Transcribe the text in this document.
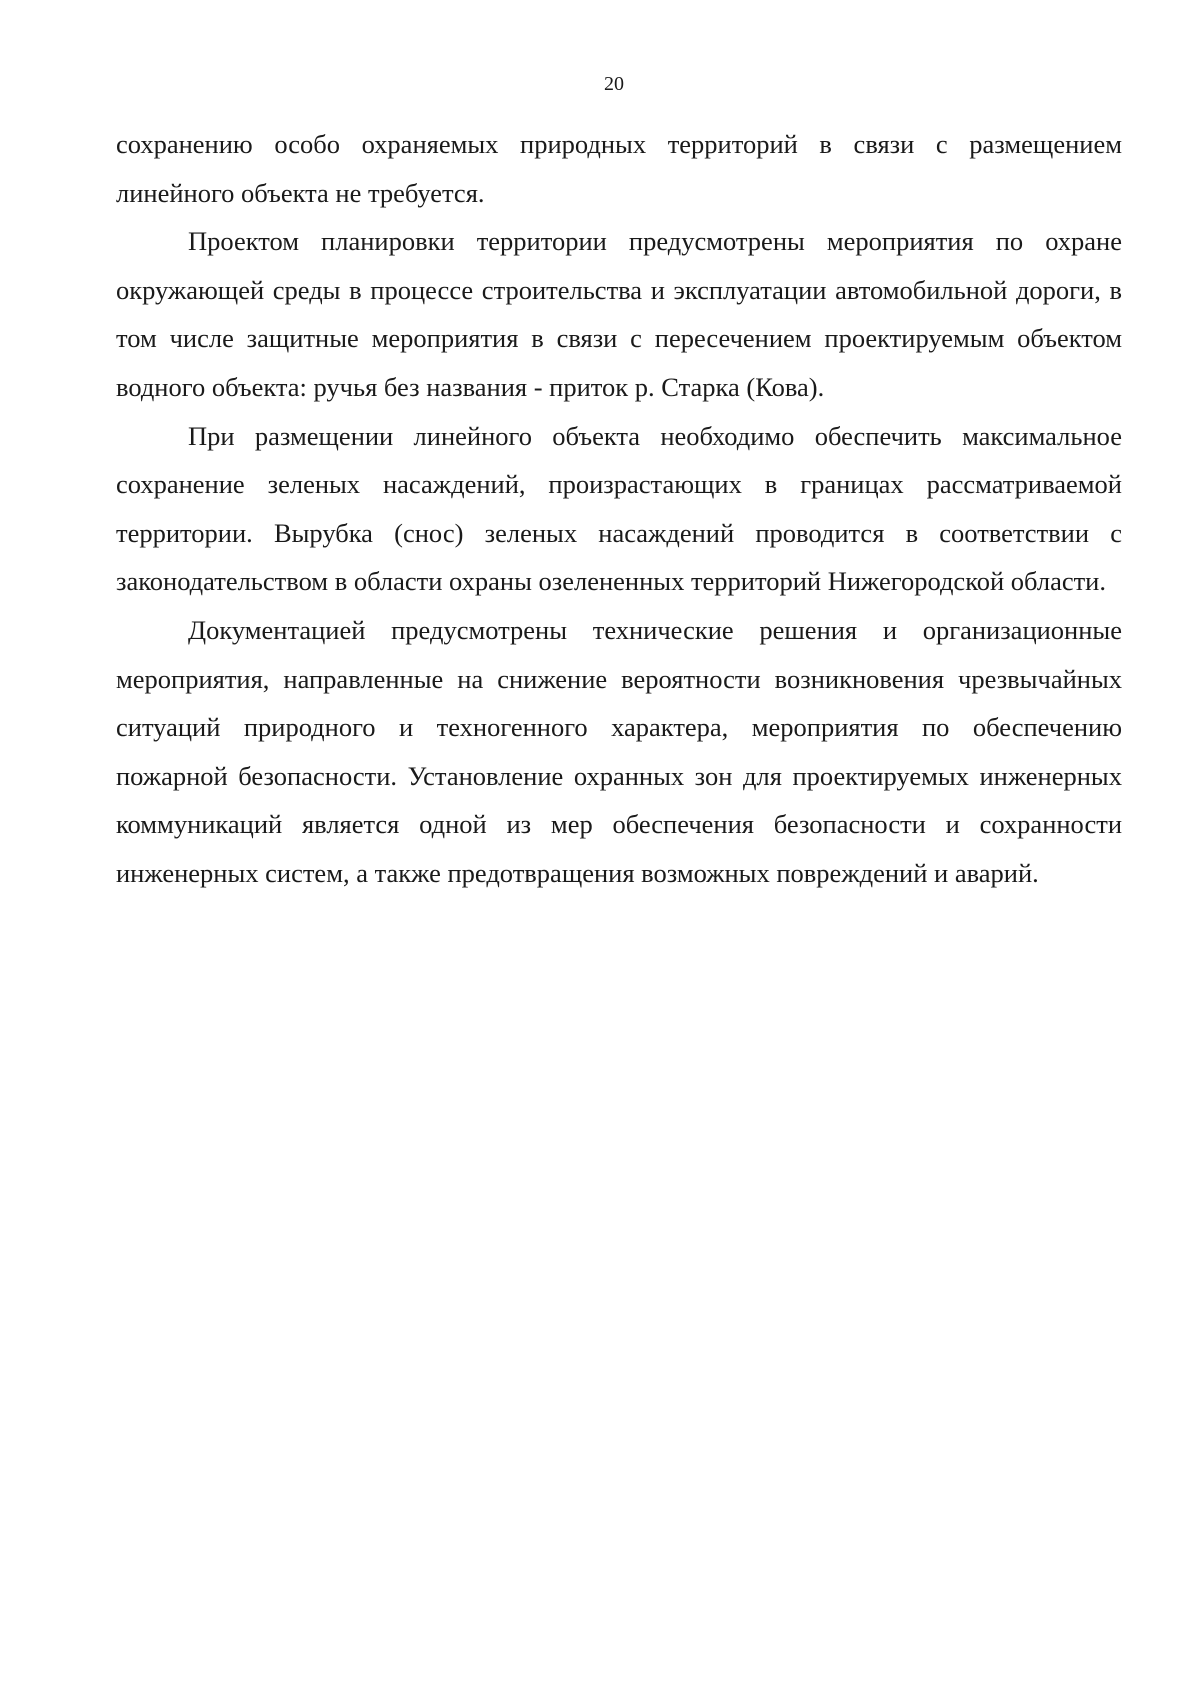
20

сохранению особо охраняемых природных территорий в связи с размещением линейного объекта не требуется.

Проектом планировки территории предусмотрены мероприятия по охране окружающей среды в процессе строительства и эксплуатации автомобильной дороги, в том числе защитные мероприятия в связи с пересечением проектируемым объектом водного объекта: ручья без названия - приток р. Старка (Кова).

При размещении линейного объекта необходимо обеспечить максимальное сохранение зеленых насаждений, произрастающих в границах рассматриваемой территории. Вырубка (снос) зеленых насаждений проводится в соответствии с законодательством в области охраны озелененных территорий Нижегородской области.

Документацией предусмотрены технические решения и организационные мероприятия, направленные на снижение вероятности возникновения чрезвычайных ситуаций природного и техногенного характера, мероприятия по обеспечению пожарной безопасности. Установление охранных зон для проектируемых инженерных коммуникаций является одной из мер обеспечения безопасности и сохранности инженерных систем, а также предотвращения возможных повреждений и аварий.
